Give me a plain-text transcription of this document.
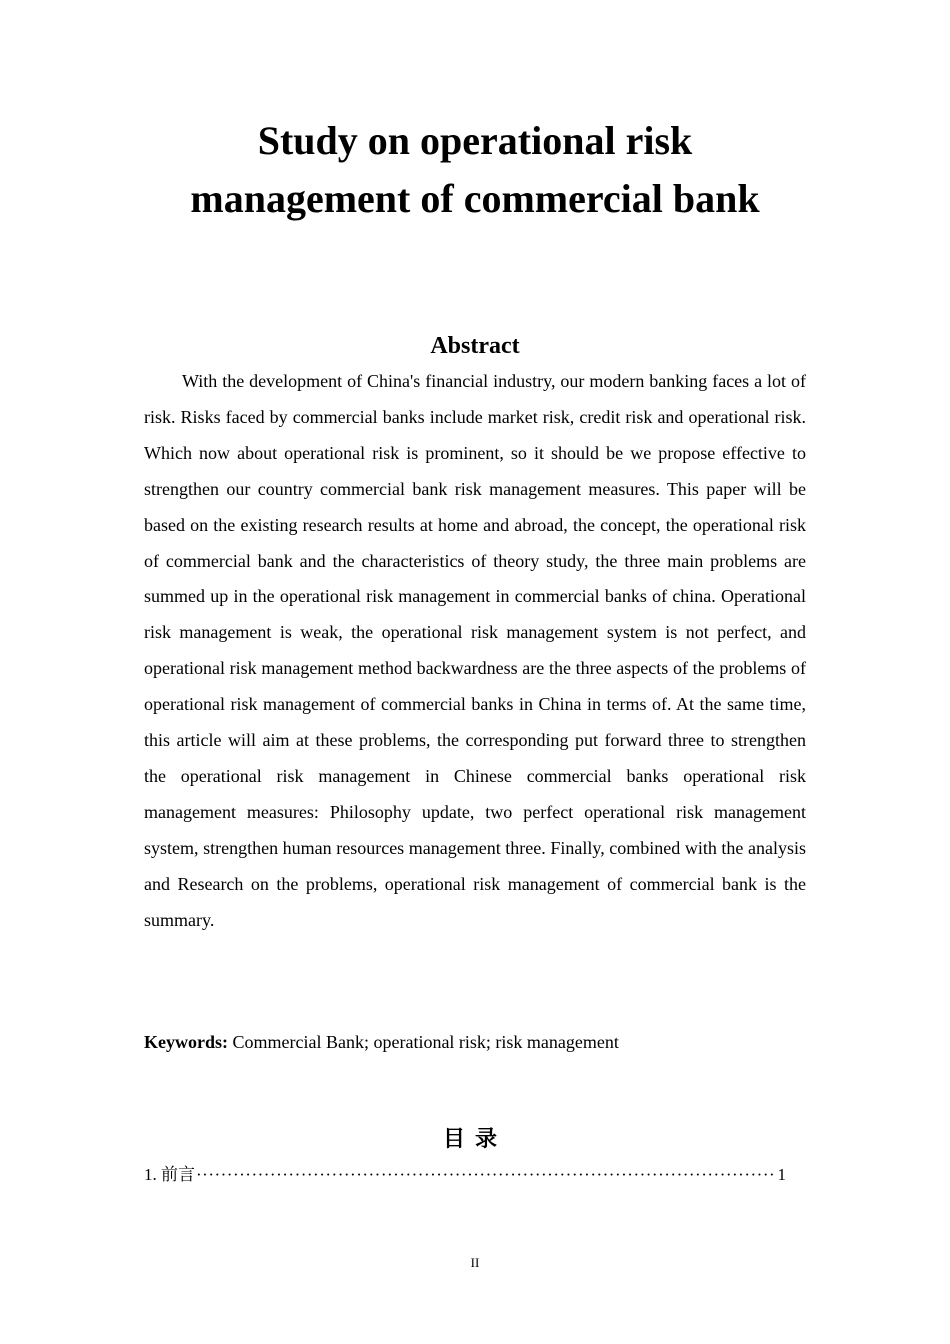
Study on operational risk
management of commercial bank
Abstract

With the development of China's financial industry, our modern banking faces a lot of risk. Risks faced by commercial banks include market risk, credit risk and operational risk. Which now about operational risk is prominent, so it should be we propose effective to strengthen our country commercial bank risk management measures. This paper will be based on the existing research results at home and abroad, the concept, the operational risk of commercial bank and the characteristics of theory study, the three main problems are summed up in the operational risk management in commercial banks of china. Operational risk management is weak, the operational risk management system is not perfect, and operational risk management method backwardness are the three aspects of the problems of operational risk management of commercial banks in China in terms of. At the same time, this article will aim at these problems, the corresponding put forward three to strengthen the operational risk management in Chinese commercial banks operational risk management measures: Philosophy update, two perfect operational risk management system, strengthen human resources management three. Finally, combined with the analysis and Research on the problems, operational risk management of commercial bank is the summary.

Keywords: Commercial Bank; operational risk; risk management

目录
1. 前言
·····	1
II
